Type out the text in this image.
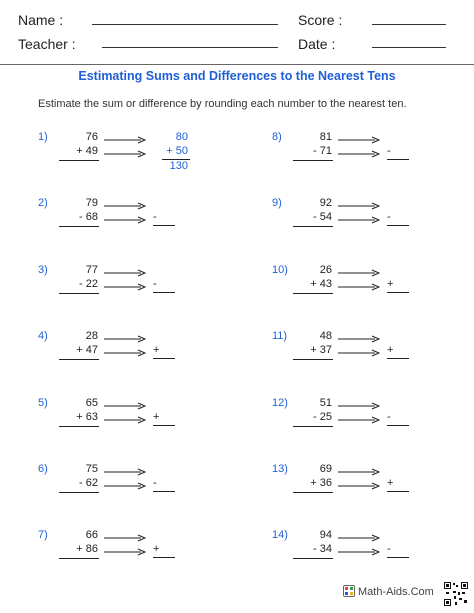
Name :	Score :
Teacher :	Date :
Estimating Sums and Differences to the Nearest Tens
Estimate the sum or difference by rounding each number to the nearest ten.
1)	76
+ 49
80
+ 50
130
2)	79
- 68	-
3)	77
- 22	-
4)	28
+ 47	+
5)	65
+ 63	+
6)	75
- 62	-
7)	66
+ 86	+
8)	81
- 71	-
9)	92
- 54	-
10)	26
+ 43	+
11)	48
+ 37	+
12)	51
- 25	-
13)	69
+ 36	+
14)	94
- 34	-
Math-Aids.Com
